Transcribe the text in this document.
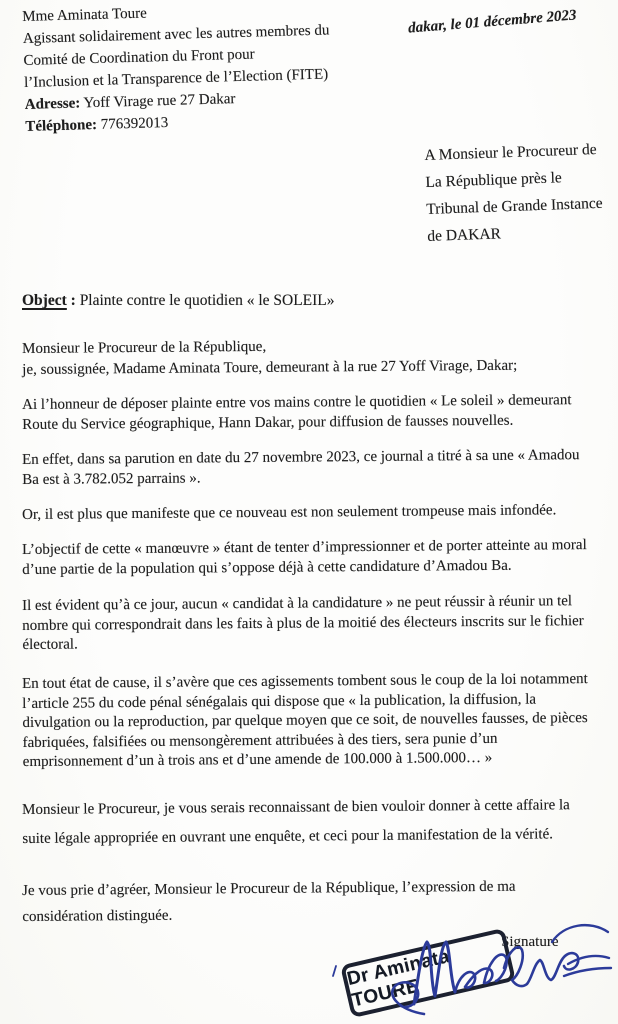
Mme Aminata Toure
Agissant solidairement avec les autres membres du
Comité de Coordination du Front pour
l’Inclusion et la Transparence de l’Election (FITE)
Adresse: Yoff Virage rue 27 Dakar
Téléphone: 776392013
dakar, le 01 décembre 2023
A Monsieur le Procureur de
La République près le
Tribunal de Grande Instance
de DAKAR
Object : Plainte contre le quotidien « le SOLEIL»

Monsieur le Procureur de la République,
je, soussignée, Madame Aminata Toure, demeurant à la rue 27 Yoff Virage, Dakar;

Ai l’honneur de déposer plainte entre vos mains contre le quotidien « Le soleil » demeurant
Route du Service géographique, Hann Dakar, pour diffusion de fausses nouvelles.

En effet, dans sa parution en date du 27 novembre 2023, ce journal a titré à sa une « Amadou
Ba est à 3.782.052 parrains ».

Or, il est plus que manifeste que ce nouveau est non seulement trompeuse mais infondée.

L’objectif de cette « manœuvre » étant de tenter d’impressionner et de porter atteinte au moral
d’une partie de la population qui s’oppose déjà à cette candidature d’Amadou Ba.

Il est évident qu’à ce jour, aucun « candidat à la candidature » ne peut réussir à réunir un tel
nombre qui correspondrait dans les faits à plus de la moitié des électeurs inscrits sur le fichier
électoral.

En tout état de cause, il s’avère que ces agissements tombent sous le coup de la loi notamment
l’article 255 du code pénal sénégalais qui dispose que « la publication, la diffusion, la
divulgation ou la reproduction, par quelque moyen que ce soit, de nouvelles fausses, de pièces
fabriquées, falsifiées ou mensongèrement attribuées à des tiers, sera punie d’un
emprisonnement d’un à trois ans et d’une amende de 100.000 à 1.500.000… »

Monsieur le Procureur, je vous serais reconnaissant de bien vouloir donner à cette affaire la
suite légale appropriée en ouvrant une enquête, et ceci pour la manifestation de la vérité.

Je vous prie d’agréer, Monsieur le Procureur de la République, l’expression de ma
considération distinguée.

Signature
Dr Aminata TOURE
